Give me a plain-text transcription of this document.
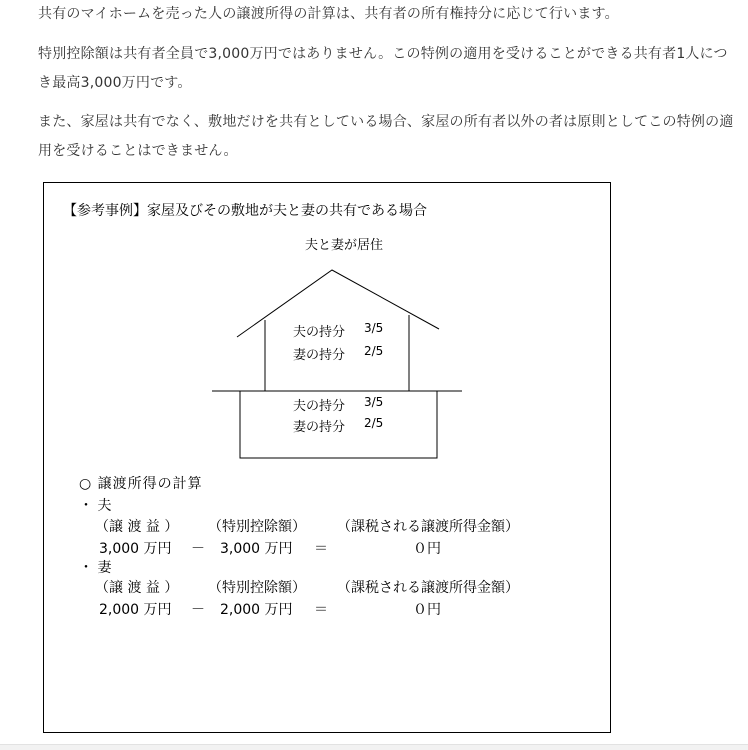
共有のマイホームを売った人の譲渡所得の計算は、共有者の所有権持分に応じて行います。
特別控除額は共有者全員で3,000万円ではありません。この特例の適用を受けることができる共有者1人につき最高3,000万円です。
また、家屋は共有でなく、敷地だけを共有としている場合、家屋の所有者以外の者は原則としてこの特例の適用を受けることはできません。
【参考事例】家屋及びその敷地が夫と妻の共有である場合
夫と妻が居住
夫の持分 3/5
妻の持分 2/5
夫の持分 3/5
妻の持分 2/5
○ 譲渡所得の計算
・ 夫
（譲 渡 益 ） （特別控除額） （課税される譲渡所得金額）
3,000 万円 － 3,000 万円 ＝	０円
・ 妻
（譲 渡 益 ） （特別控除額） （課税される譲渡所得金額）
2,000 万円 － 2,000 万円 ＝	０円
